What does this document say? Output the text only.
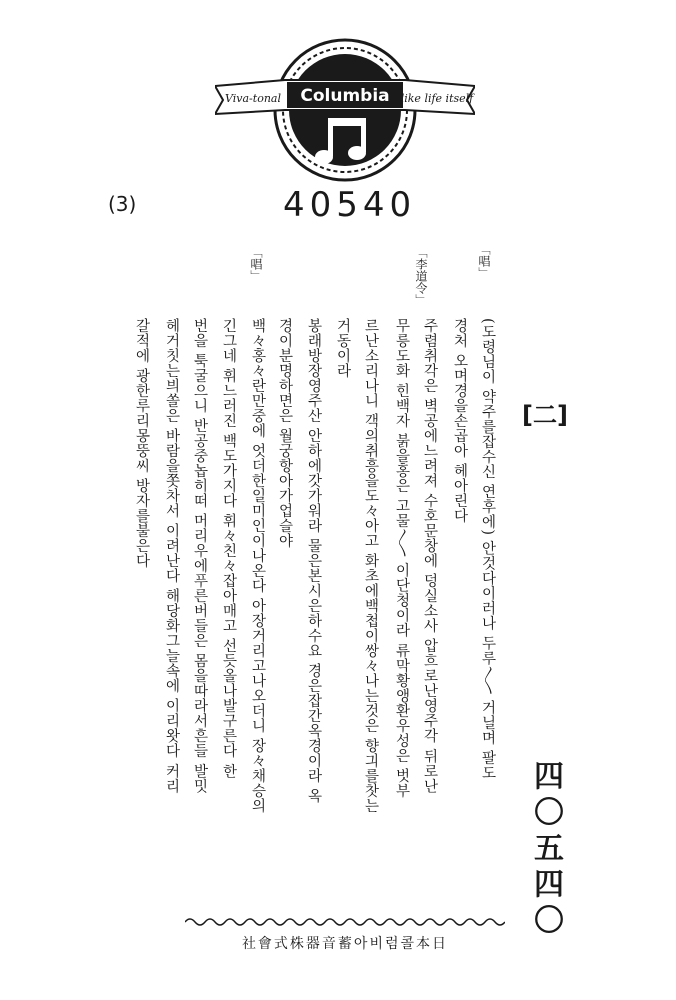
Columbia
Viva-tonal	like life itself
(3)	40540
[二]
「唱」
「李道令」
「唱」
(도령님이 약주를잡수신 연후에) 안것다이러나 두루〳〵 거닐며 팔도
경처 오며경을손곱아 헤아린다
주렴취각은 벽공에느려져 수호문창에 덩실소사 압흐로난영주각 뒤로난
무릉도화 힌백자 붉을홍은 고물〳〵 이단청이라 류막황앵환우성은 벗부
르난소리나니 객의취흥을도々아고 화초에백첩이쌍々나는것은 향긔를찻는
거동이라
봉래방장영주산 안하에갓가워라 물은본시은하수요 경은잡간옥경이라 옥
경이분명하면은 월궁항아가업슬야
백々홍々란만중에 엇더한일미인이나온다 아장거리고나오더니 장々채승의
긴그네 휘느러진 백도가지다 휘々친々잡아매고 선듯올나발구른다 한
번을 툭굴으니 반공중놉히떠 머리우에푸른버들은 몸을따라서흔들 발밋
헤거칫는븨쏠은 바람을쫏차서 이려난다 해당화그늘속에 이리왓다 커리
갈적에 광한루리몽뚱씨 방자를불은다
四〇五四〇
社會式株器音蓄아비럼콜本日
